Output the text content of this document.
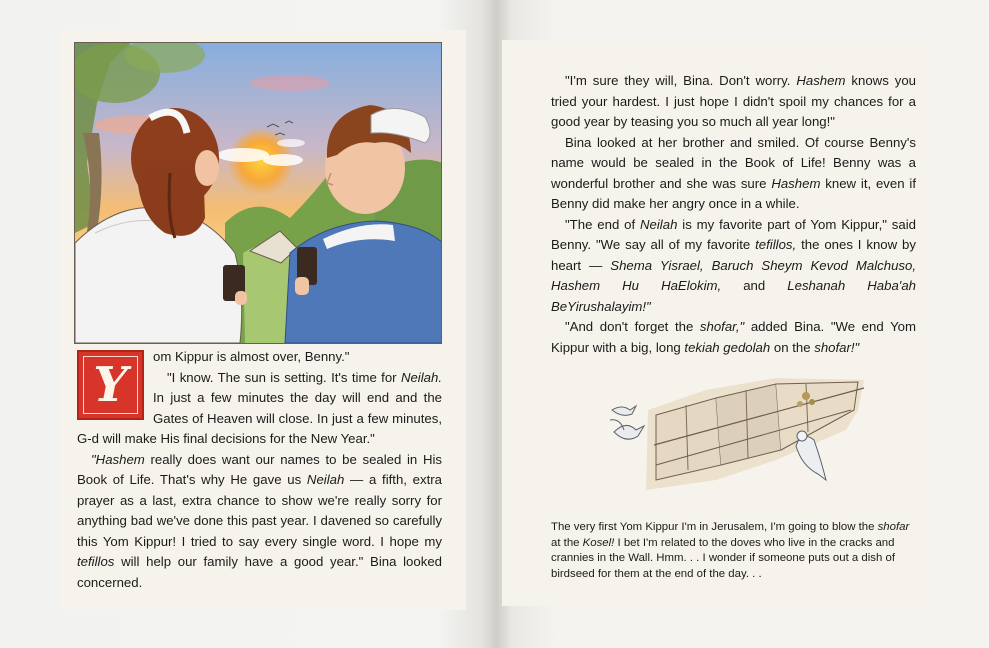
Y

om Kippur is almost over, Benny."

"I know. The sun is setting. It's time for Neilah. In just a few minutes the day will end and the Gates of Heaven will close. In just a few minutes, G-d will make His final decisions for the New Year."

"Hashem really does want our names to be sealed in His Book of Life. That's why He gave us Neilah — a fifth, extra prayer as a last, extra chance to show we're really sorry for anything bad we've done this past year. I davened so carefully this Yom Kippur! I tried to say every single word. I hope my tefillos will help our family have a good year." Bina looked concerned.

"I'm sure they will, Bina. Don't worry. Hashem knows you tried your hardest. I just hope I didn't spoil my chances for a good year by teasing you so much all year long!"

Bina looked at her brother and smiled. Of course Benny's name would be sealed in the Book of Life! Benny was a wonderful brother and she was sure Hashem knew it, even if Benny did make her angry once in a while.

"The end of Neilah is my favorite part of Yom Kippur," said Benny. "We say all of my favorite tefillos, the ones I know by heart — Shema Yisrael, Baruch Sheym Kevod Malchuso, Hashem Hu HaElokim, and Leshanah Haba'ah BeYirushalayim!"

"And don't forget the shofar," added Bina. "We end Yom Kippur with a big, long tekiah gedolah on the shofar!"

The very first Yom Kippur I'm in Jerusalem, I'm going to blow the shofar at the Kosel! I bet I'm related to the doves who live in the cracks and crannies in the Wall. Hmm. . . I wonder if someone puts out a dish of birdseed for them at the end of the day. . .
